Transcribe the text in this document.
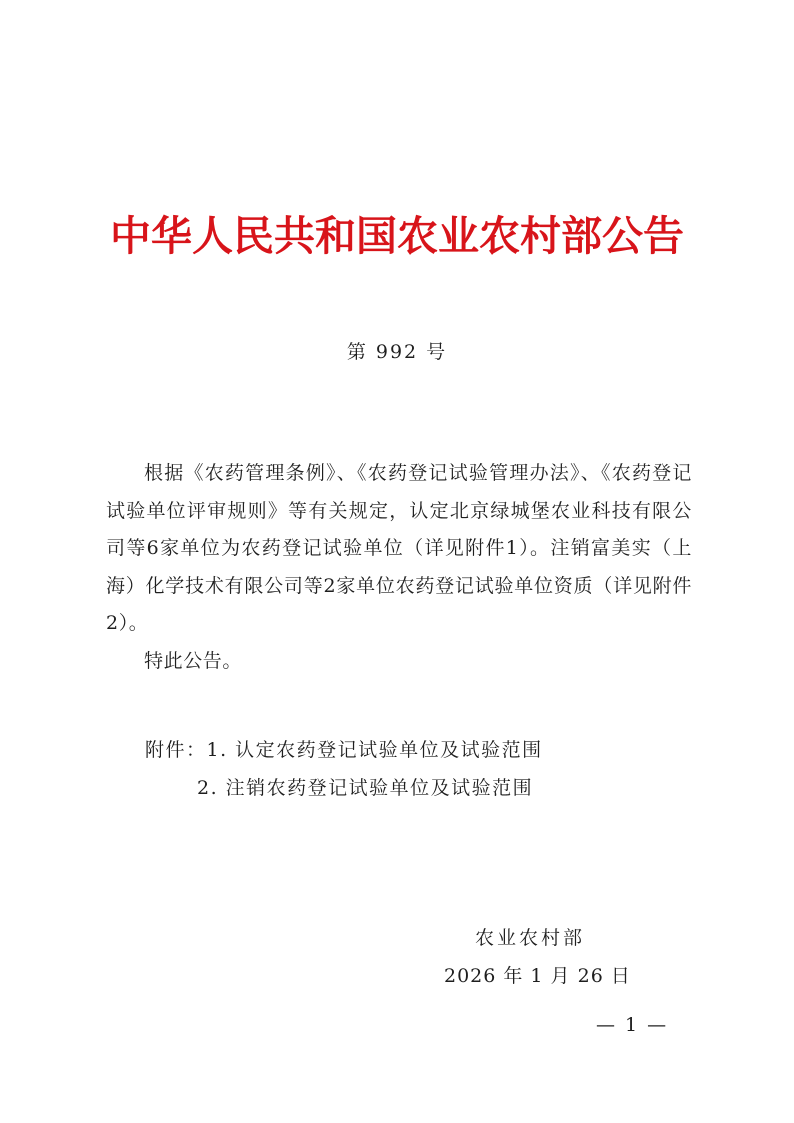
中华人民共和国农业农村部公告
第 992 号

根据《农药管理条例》、《农药登记试验管理办法》、《农药登记试验单位评审规则》等有关规定，认定北京绿城堡农业科技有限公司等6家单位为农药登记试验单位（详见附件1）。注销富美实（上海）化学技术有限公司等2家单位农药登记试验单位资质（详见附件2）。

特此公告。

附件：1. 认定农药登记试验单位及试验范围
2. 注销农药登记试验单位及试验范围
农业农村部
2026 年 1 月 26 日
— 1 —
